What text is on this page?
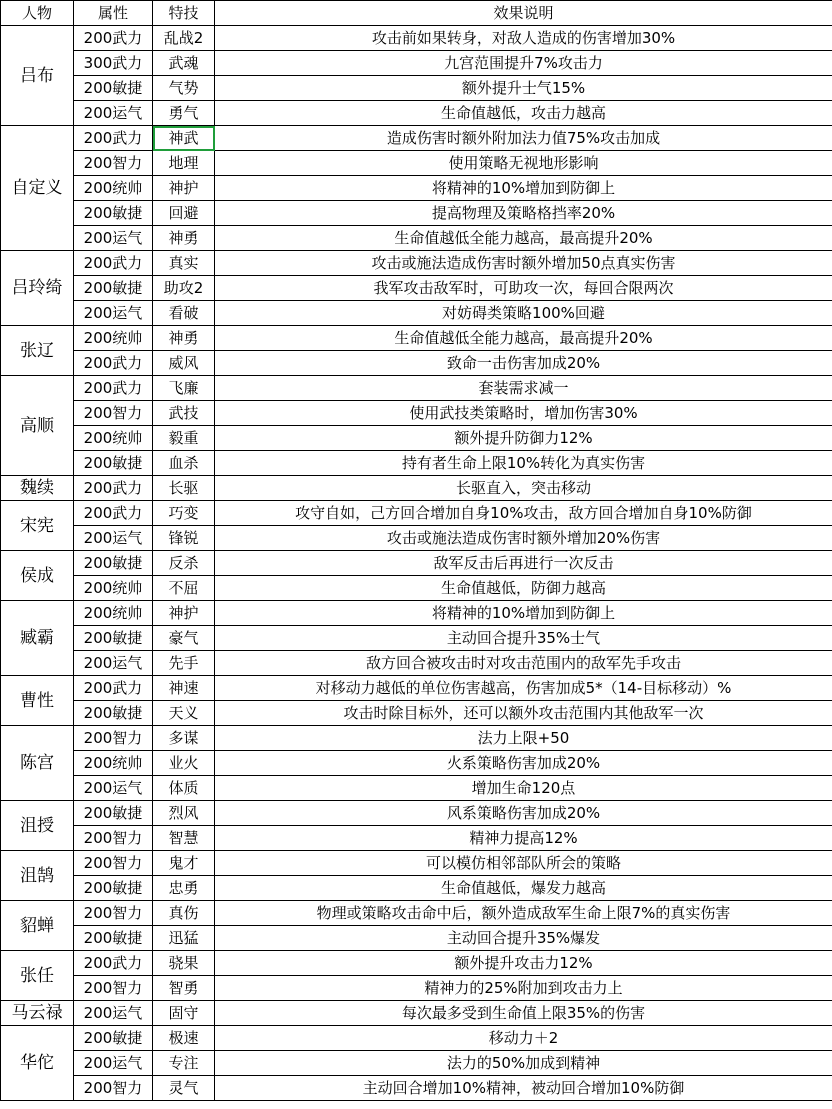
人物	属性	特技	效果说明
吕布	200武力	乱战2	攻击前如果转身，对敌人造成的伤害增加30%
	300武力	武魂	九宫范围提升7%攻击力
	200敏捷	气势	额外提升士气15%
	200运气	勇气	生命值越低，攻击力越高
自定义	200武力	神武	造成伤害时额外附加法力值75%攻击加成
	200智力	地理	使用策略无视地形影响
	200统帅	神护	将精神的10%增加到防御上
	200敏捷	回避	提高物理及策略格挡率20%
	200运气	神勇	生命值越低全能力越高，最高提升20%
吕玲绮	200武力	真实	攻击或施法造成伤害时额外增加50点真实伤害
	200敏捷	助攻2	我军攻击敌军时，可助攻一次，每回合限两次
	200运气	看破	对妨碍类策略100%回避
张辽	200统帅	神勇	生命值越低全能力越高，最高提升20%
	200武力	威风	致命一击伤害加成20%
高顺	200武力	飞廉	套装需求减一
	200智力	武技	使用武技类策略时，增加伤害30%
	200统帅	毅重	额外提升防御力12%
	200敏捷	血杀	持有者生命上限10%转化为真实伤害
魏续	200武力	长驱	长驱直入，突击移动
宋宪	200武力	巧变	攻守自如，己方回合增加自身10%攻击，敌方回合增加自身10%防御
	200运气	锋锐	攻击或施法造成伤害时额外增加20%伤害
侯成	200敏捷	反杀	敌军反击后再进行一次反击
	200统帅	不屈	生命值越低，防御力越高
臧霸	200统帅	神护	将精神的10%增加到防御上
	200敏捷	豪气	主动回合提升35%士气
	200运气	先手	敌方回合被攻击时对攻击范围内的敌军先手攻击
曹性	200武力	神速	对移动力越低的单位伤害越高，伤害加成5*（14-目标移动）%
	200敏捷	天义	攻击时除目标外，还可以额外攻击范围内其他敌军一次
陈宫	200智力	多谋	法力上限+50
	200统帅	业火	火系策略伤害加成20%
	200运气	体质	增加生命120点
沮授	200敏捷	烈风	风系策略伤害加成20%
	200智力	智慧	精神力提高12%
沮鹄	200智力	鬼才	可以模仿相邻部队所会的策略
	200敏捷	忠勇	生命值越低，爆发力越高
貂蝉	200智力	真伤	物理或策略攻击命中后，额外造成敌军生命上限7%的真实伤害
	200敏捷	迅猛	主动回合提升35%爆发
张任	200武力	骁果	额外提升攻击力12%
	200智力	智勇	精神力的25%附加到攻击力上
马云禄	200运气	固守	每次最多受到生命值上限35%的伤害
华佗	200敏捷	极速	移动力＋2
	200运气	专注	法力的50%加成到精神
	200智力	灵气	主动回合增加10%精神，被动回合增加10%防御
